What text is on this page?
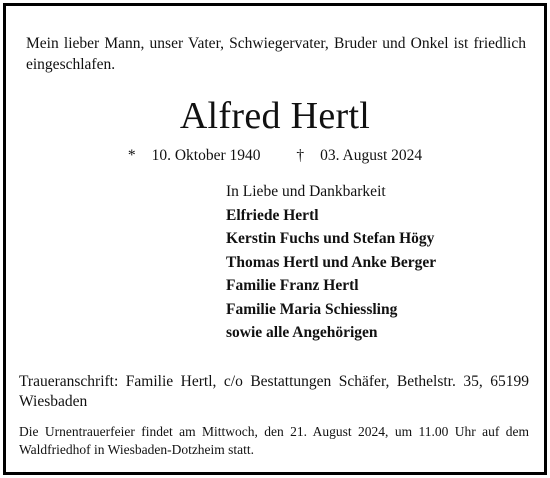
Mein lieber Mann, unser Vater, Schwiegervater, Bruder und Onkel ist friedlich eingeschlafen.
Alfred Hertl
* 10. Oktober 1940 † 03. August 2024
In Liebe und Dankbarkeit
Elfriede Hertl
Kerstin Fuchs und Stefan Högy
Thomas Hertl und Anke Berger
Familie Franz Hertl
Familie Maria Schiessling
sowie alle Angehörigen
Traueranschrift: Familie Hertl, c/o Bestattungen Schäfer, Bethelstr. 35, 65199 Wiesbaden
Die Urnentrauerfeier findet am Mittwoch, den 21. August 2024, um 11.00 Uhr auf dem Waldfriedhof in Wiesbaden-Dotzheim statt.
